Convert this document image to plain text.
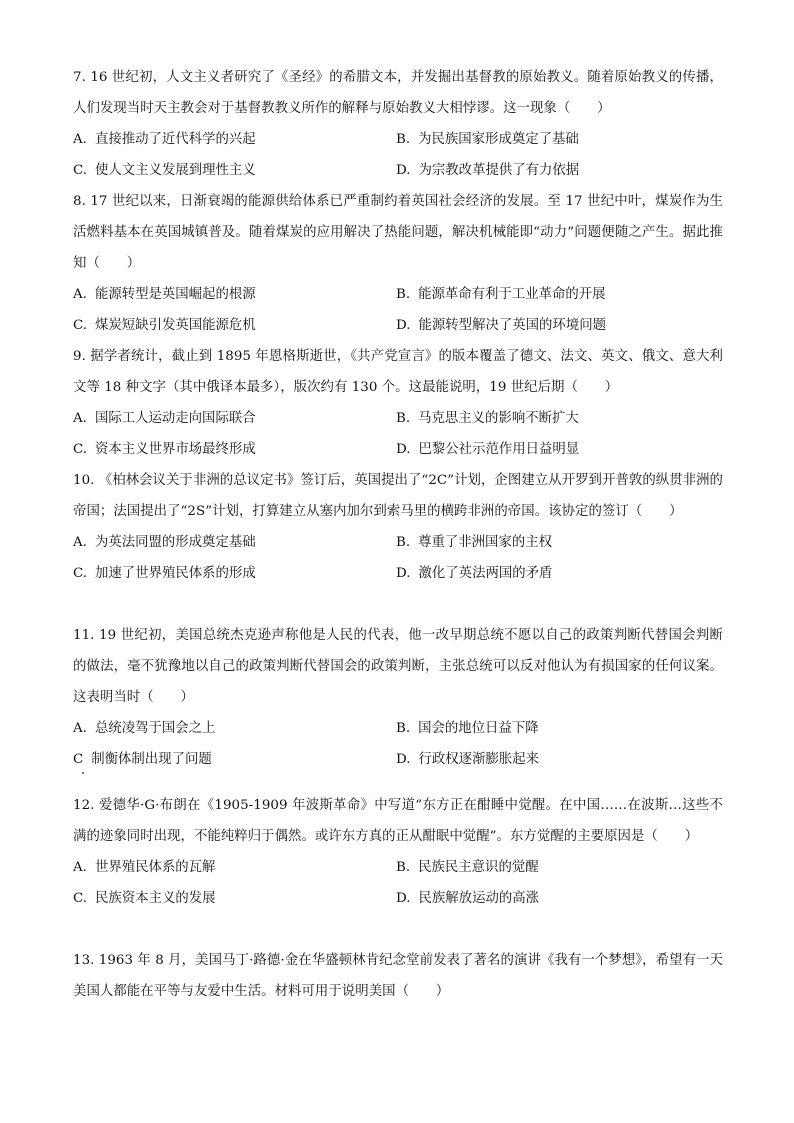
7. 16 世纪初，人文主义者研究了《圣经》的希腊文本，并发掘出基督教的原始教义。随着原始教义的传播，人们发现当时天主教会对于基督教教义所作的解释与原始教义大相悖谬。这一现象（　　）

A. 直接推动了近代科学的兴起	B. 为民族国家形成奠定了基础
C. 使人文主义发展到理性主义	D. 为宗教改革提供了有力依据

8. 17 世纪以来，日渐衰竭的能源供给体系已严重制约着英国社会经济的发展。至 17 世纪中叶，煤炭作为生活燃料基本在英国城镇普及。随着煤炭的应用解决了热能问题，解决机械能即“动力”问题便随之产生。据此推知（　　）

A. 能源转型是英国崛起的根源	B. 能源革命有利于工业革命的开展
C. 煤炭短缺引发英国能源危机	D. 能源转型解决了英国的环境问题

9. 据学者统计，截止到 1895 年恩格斯逝世，《共产党宣言》的版本覆盖了德文、法文、英文、俄文、意大利文等 18 种文字（其中俄译本最多），版次约有 130 个。这最能说明，19 世纪后期（　　）

A. 国际工人运动走向国际联合	B. 马克思主义的影响不断扩大
C. 资本主义世界市场最终形成	D. 巴黎公社示范作用日益明显

10. 《柏林会议关于非洲的总议定书》签订后，英国提出了“2C”计划，企图建立从开罗到开普敦的纵贯非洲的帝国；法国提出了“2S”计划，打算建立从塞内加尔到索马里的横跨非洲的帝国。该协定的签订（　　）

A. 为英法同盟的形成奠定基础	B. 尊重了非洲国家的主权
C. 加速了世界殖民体系的形成	D. 激化了英法两国的矛盾

11. 19 世纪初，美国总统杰克逊声称他是人民的代表，他一改早期总统不愿以自己的政策判断代替国会判断的做法，毫不犹豫地以自己的政策判断代替国会的政策判断，主张总统可以反对他认为有损国家的任何议案。这表明当时（　　）

A. 总统凌驾于国会之上	B. 国会的地位日益下降
C 制衡体制出现了问题	D. 行政权逐渐膨胀起来

12. 爱德华·G·布朗在《1905-1909 年波斯革命》中写道“东方正在酣睡中觉醒。在中国……在波斯…这些不满的迹象同时出现，不能纯粹归于偶然。或许东方真的正从酣眠中觉醒”。东方觉醒的主要原因是（　　）

A. 世界殖民体系的瓦解	B. 民族民主意识的觉醒
C. 民族资本主义的发展	D. 民族解放运动的高涨

13. 1963 年 8 月，美国马丁·路德·金在华盛顿林肯纪念堂前发表了著名的演讲《我有一个梦想》，希望有一天美国人都能在平等与友爱中生活。材料可用于说明美国（　　）
